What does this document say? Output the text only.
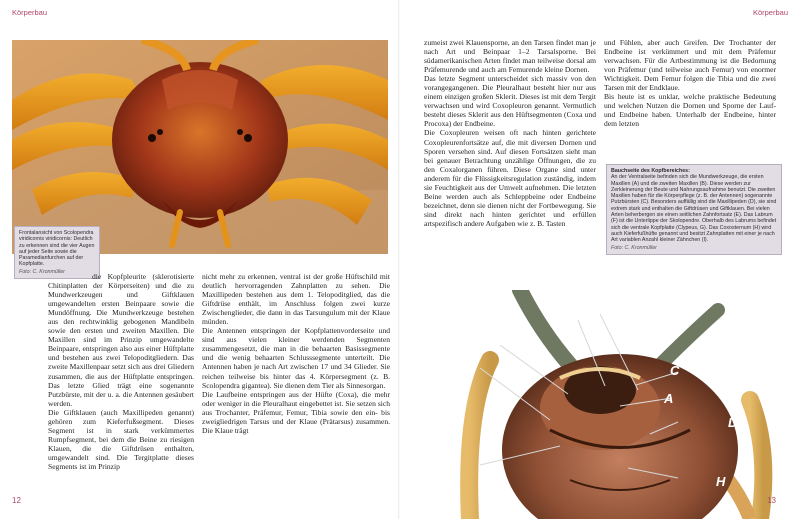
Körperbau
Frontalansicht von Scolopendra viridicornis viridicornis: Deutlich zu erkennen sind die vier Augen auf jeder Seite sowie die Paramedianfurchen auf der Kopfplatte.
Foto: C. Kronmüller

die Kopfpleurite (sklerotisierte Chitinplatten der Körperseiten) und die zu Mundwerkzeugen und Giftklauen umgewandelten ersten Beinpaare sowie die Mundöffnung. Die Mundwerkzeuge bestehen aus den rechtwinklig gebogenen Mandibeln sowie den ersten und zweiten Maxillen. Die Maxillen sind im Prinzip umgewandelte Beinpaare, entspringen also aus einer Hüftplatte und bestehen aus zwei Telopoditgliedern. Das zweite Maxillenpaar setzt sich aus drei Gliedern zusammen, die aus der Hüftplatte entspringen. Das letzte Glied trägt eine sogenannte Putzbürste, mit der u. a. die Antennen gesäubert werden.

Die Giftklauen (auch Maxillipeden genannt) gehören zum Kieferfußsegment. Dieses Segment ist in stark verkümmertes Rumpfsegment, bei dem die Beine zu riesigen Klauen, die die Giftdrüsen enthalten, umgewandelt sind. Die Tergitplatte dieses Segments ist im Prinzip

nicht mehr zu erkennen, ventral ist der große Hüftschild mit deutlich hervorragenden Zahnplatten zu sehen. Die Maxillipeden bestehen aus dem 1. Telopoditglied, das die Giftdrüse enthält, im Anschluss folgen zwei kurze Zwischenglieder, die dann in das Tarsungulum mit der Klaue münden.

Die Antennen entspringen der Kopfplattenvorderseite und sind aus vielen kleiner werdenden Segmenten zusammengesetzt, die man in die behaarten Basissegmente und die wenig behaarten Schlusssegmente unterteilt. Die Antennen haben je nach Art zwischen 17 und 34 Glieder. Sie reichen teilweise bis hinter das 4. Körpersegment (z. B. Scolopendra gigantea). Sie dienen dem Tier als Sinnesorgan.

Die Laufbeine entspringen aus der Hüfte (Coxa), die mehr oder weniger in die Pleuralhaut eingebettet ist. Sie setzen sich aus Trochanter, Präfemur, Femur, Tibia sowie den ein- bis zweigliedrigen Tarsus und der Klaue (Prätarsus) zusammen. Die Klaue trägt

12
Körperbau

zumeist zwei Klauensporne, an den Tarsen findet man je nach Art und Beinpaar 1–2 Tarsalsporne. Bei südamerikanischen Arten findet man teilweise dorsal am Präfemurende und auch am Femurende kleine Dornen.

Das letzte Segment unterscheidet sich massiv von den vorangegangenen. Die Pleuralhaut besteht hier nur aus einem einzigen großen Sklerit. Dieses ist mit dem Tergit verwachsen und wird Coxopleuron genannt. Vermutlich besteht dieses Sklerit aus den Hüftsegmenten (Coxa und Procoxa) der Endbeine.

Die Coxopleuren weisen oft nach hinten gerichtete Coxopleurenfortsätze auf, die mit diversen Dornen und Sporen versehen sind. Auf diesen Fortsätzen sieht man bei genauer Betrachtung unzählige Öffnungen, die zu den Coxalorganen führen. Diese Organe sind unter anderem für die Flüssigkeitsregulation zuständig, indem sie Feuchtigkeit aus der Umwelt aufnehmen. Die letzten Beine werden auch als Schleppbeine oder Endbeine bezeichnet, denn sie dienen nicht der Fortbewegung. Sie sind direkt nach hinten gerichtet und erfüllen artspezifisch andere Aufgaben wie z. B. Tasten

und Fühlen, aber auch Greifen. Der Trochanter der Endbeine ist verkümmert und mit dem Präfemur verwachsen. Für die Artbestimmung ist die Bedornung von Präfemur (und teilweise auch Femur) von enormer Wichtigkeit. Dem Femur folgen die Tibia und die zwei Tarsen mit der Endklaue.

Bis heute ist es unklar, welche praktische Bedeutung und welchen Nutzen die Dornen und Sporne der Lauf- und Endbeine haben. Unterhalb der Endbeine, hinter dem letzten

Bauchseite des Kopfbereiches:
An der Ventralseite befinden sich die Mundwerkzeuge, die ersten Maxillen (A) und die zweiten Maxillen (B). Diese werden zur Zerkleinerung der Beute und Nahrungsaufnahme benutzt. Die zweiten Maxillen haben für die Körperpflege (z. B. der Antennen) sogenannte Putzbürsten (C). Besonders auffällig sind die Maxillipeden (D), sie sind extrem stark und enthalten die Giftdrüsen und Giftklauen. Bei vielen Arten beherbergen sie einen seitlichen Zahnfortsatz (E). Das Labrum (F) ist die Unterlippe der Skolopendre. Oberhalb des Labrums befindet sich die ventrale Kopfplatte (Clypeus, G). Das Coxosternum (H) wird auch Kieferfußhüfte genannt und besitzt Zahnplatten mit einer je nach Art variablen Anzahl kleiner Zähnchen (I).
Foto: C. Kronmüller
F
G	B
E
C
A
D
I
H
13
